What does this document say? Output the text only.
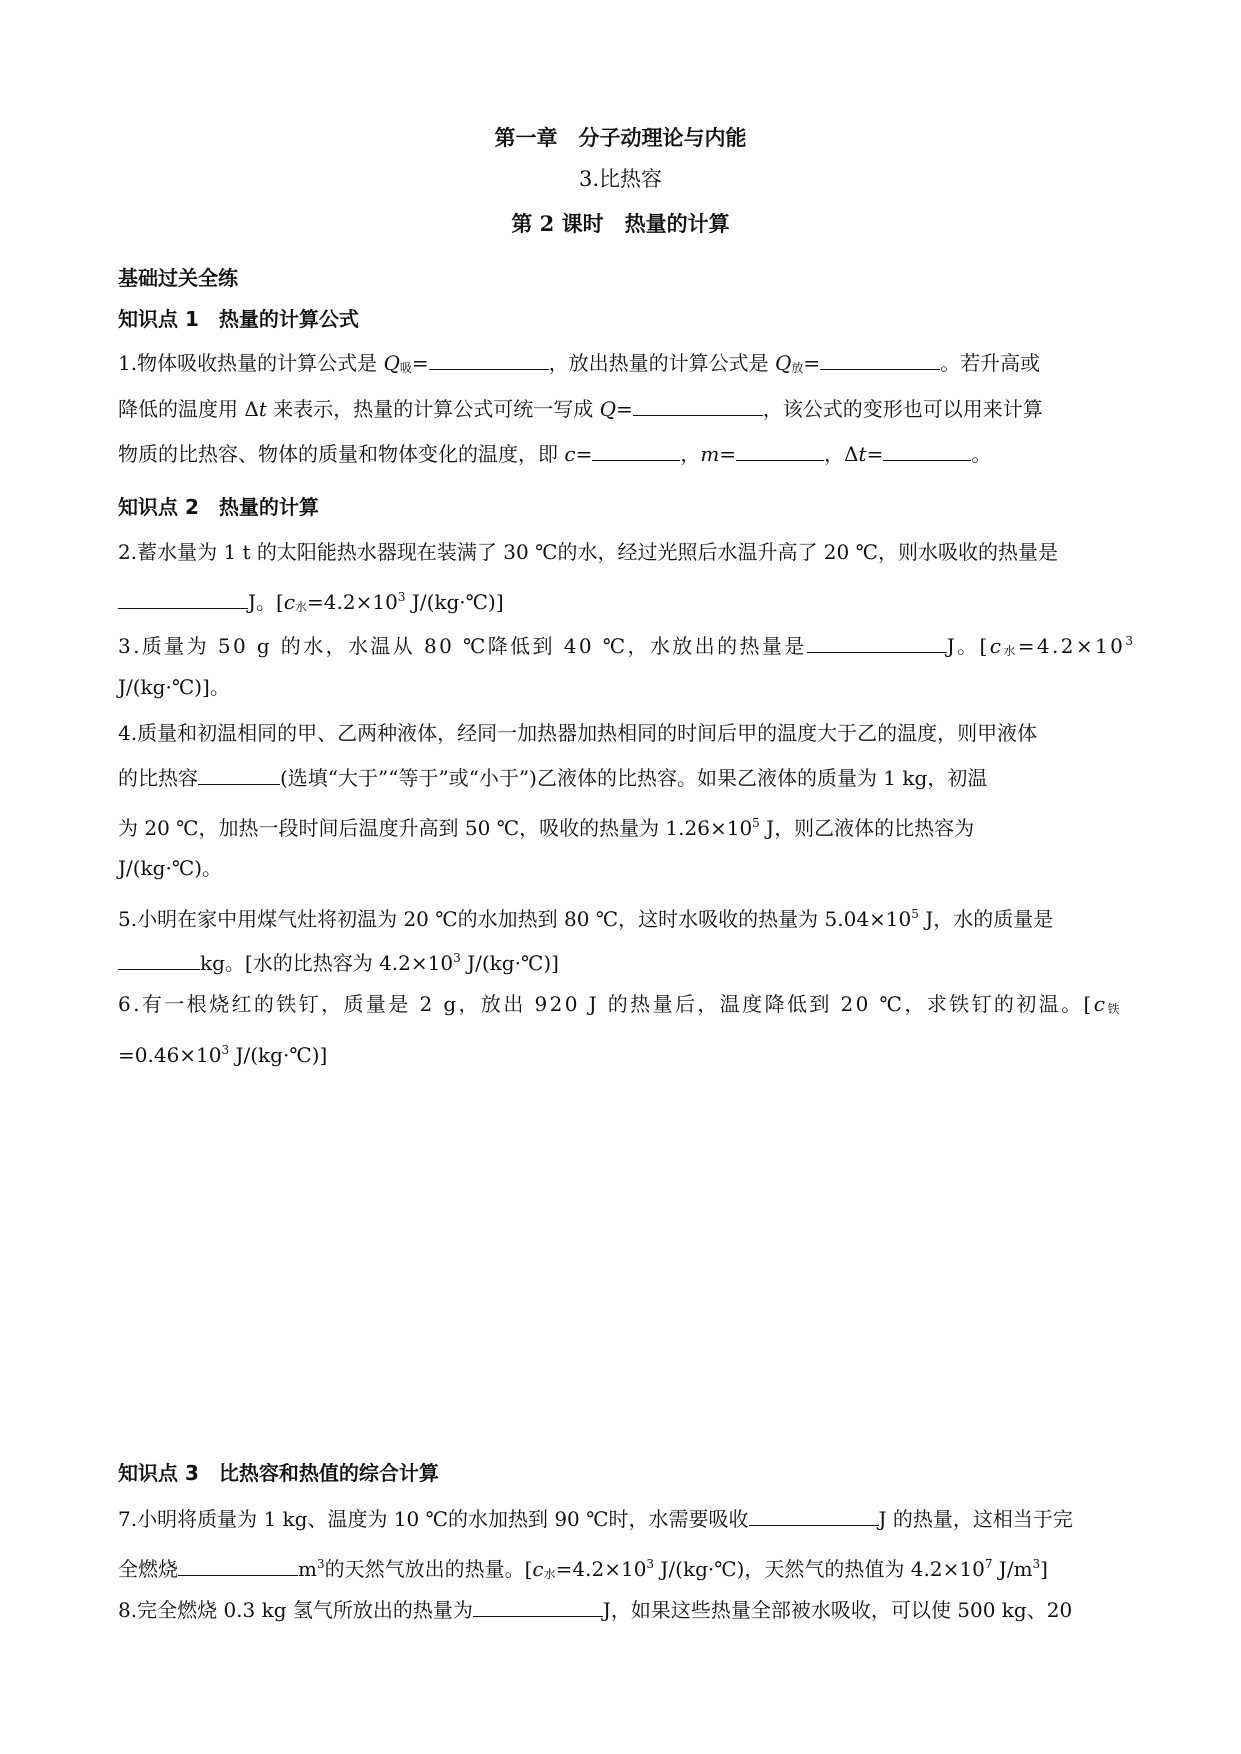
第一章　分子动理论与内能
3.比热容
第 2 课时　热量的计算
基础过关全练
知识点 1　热量的计算公式
1.物体吸收热量的计算公式是 Q吸=	，放出热量的计算公式是 Q放=	。若升高或
降低的温度用 Δt 来表示，热量的计算公式可统一写成 Q=	，该公式的变形也可以用来计算
物质的比热容、物体的质量和物体变化的温度，即 c=	，m=	，Δt=	。
知识点 2　热量的计算
2.蓄水量为 1 t 的太阳能热水器现在装满了 30 ℃的水，经过光照后水温升高了 20 ℃，则水吸收的热量是
J。[c水$=4.2\times 10^3$ J/(kg·℃)]
3.质量为 50 g 的水，水温从 80 ℃降低到 40 ℃，水放出的热量是	J。[c水$=4.2\times 10^3$
J/(kg·℃)]。
4.质量和初温相同的甲、乙两种液体，经同一加热器加热相同的时间后甲的温度大于乙的温度，则甲液体
的比热容	(选填“大于”“等于”或“小于”)乙液体的比热容。如果乙液体的质量为 1 kg，初温
为 20 ℃，加热一段时间后温度升高到 50 ℃，吸收的热量为 $1.26\times 10^5$ J，则乙液体的比热容为
J/(kg·℃)。
5.小明在家中用煤气灶将初温为 20 ℃的水加热到 80 ℃，这时水吸收的热量为 $5.04\times 10^5$ J，水的质量是
kg。[水的比热容为 $4.2\times 10^3$ J/(kg·℃)]
6.有一根烧红的铁钉，质量是 2 g，放出 920 J 的热量后，温度降低到 20 ℃，求铁钉的初温。[c铁
$=0.46\times 10^3$ J/(kg·℃)]
知识点 3　比热容和热值的综合计算
7.小明将质量为 1 kg、温度为 10 ℃的水加热到 90 ℃时，水需要吸收	J 的热量，这相当于完
全燃烧	$m^3$的天然气放出的热量。[c水$=4.2\times 10^3$ J/(kg·℃)，天然气的热值为 $4.2\times 10^7$ $J/m^3$]
8.完全燃烧 0.3 kg 氢气所放出的热量为	J，如果这些热量全部被水吸收，可以使 500 kg、20
